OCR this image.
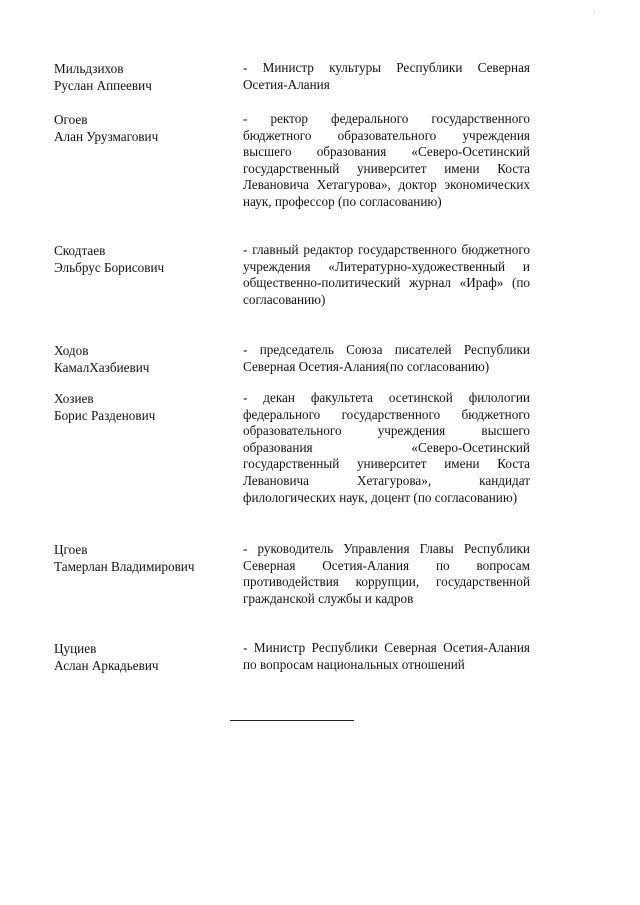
Мильдзихов
Руслан Аппеевич
- Министр культуры Республики Северная Осетия-Алания
Огоев
Алан Урузмагович
- ректор федерального государственного бюджетного образовательного учреждения высшего образования «Северо-Осетинский государственный университет имени Коста Левановича Хетагурова», доктор экономических наук, профессор (по согласованию)
Скодтаев
Эльбрус Борисович
- главный редактор государственного бюджетного учреждения «Литературно-художественный и общественно-политический журнал «Ираф» (по согласованию)
Ходов
КамалХазбиевич
- председатель Союза писателей Республики Северная Осетия-Алания(по согласованию)
Хозиев
Борис Разденович
- декан факультета осетинской филологии федерального государственного бюджетного образовательного учреждения высшего образования «Северо-Осетинский государственный университет имени Коста Левановича Хетагурова», кандидат филологических наук, доцент (по согласованию)
Цгоев
Тамерлан Владимирович
- руководитель Управления Главы Республики Северная Осетия-Алания по вопросам противодействия коррупции, государственной гражданской службы и кадров
Цуциев
Аслан Аркадьевич
- Министр Республики Северная Осетия-Алания по вопросам национальных отношений
